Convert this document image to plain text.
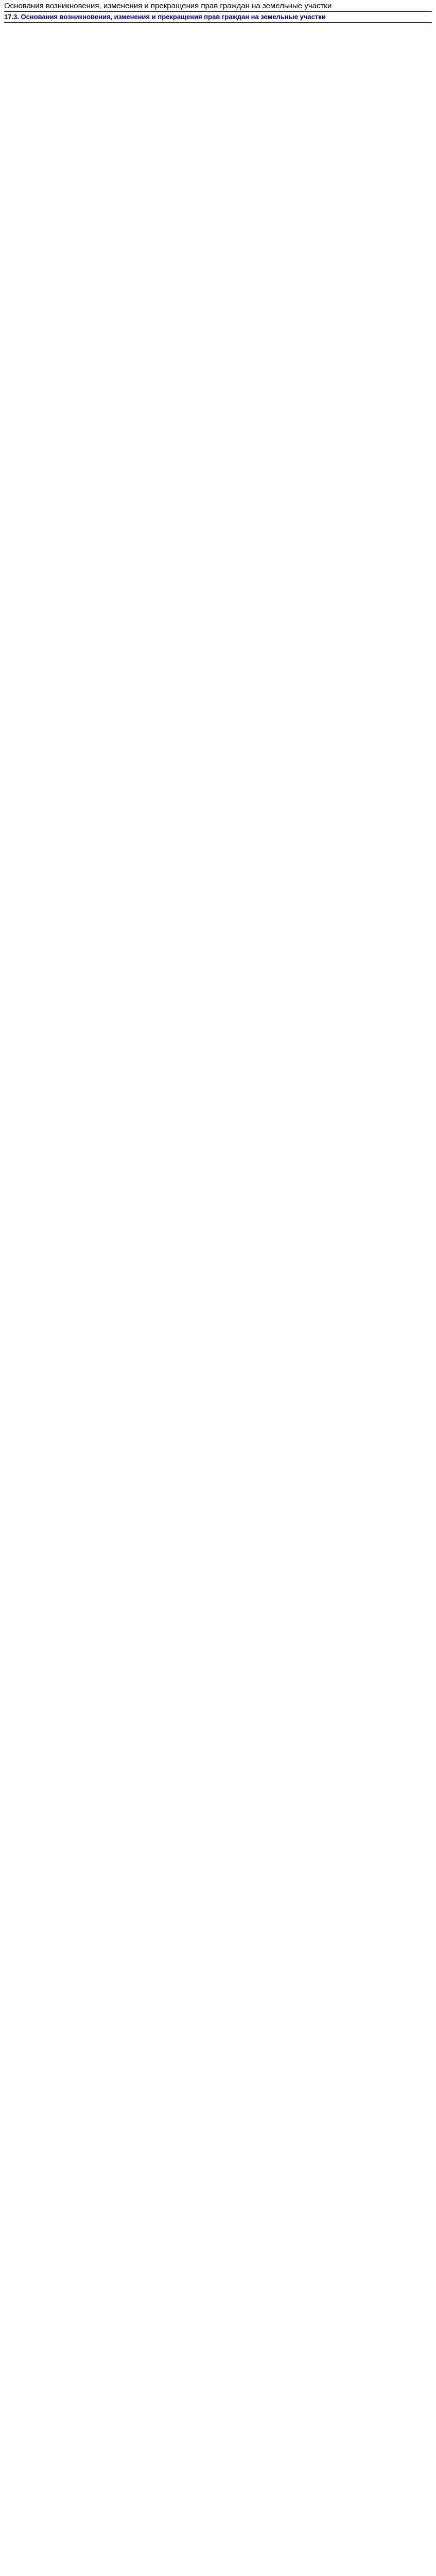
Основания возникновения, изменения и прекращения прав граждан на земельные участки
17.3. Основания возникновения, изменения и прекращения прав граждан на земельные участки
